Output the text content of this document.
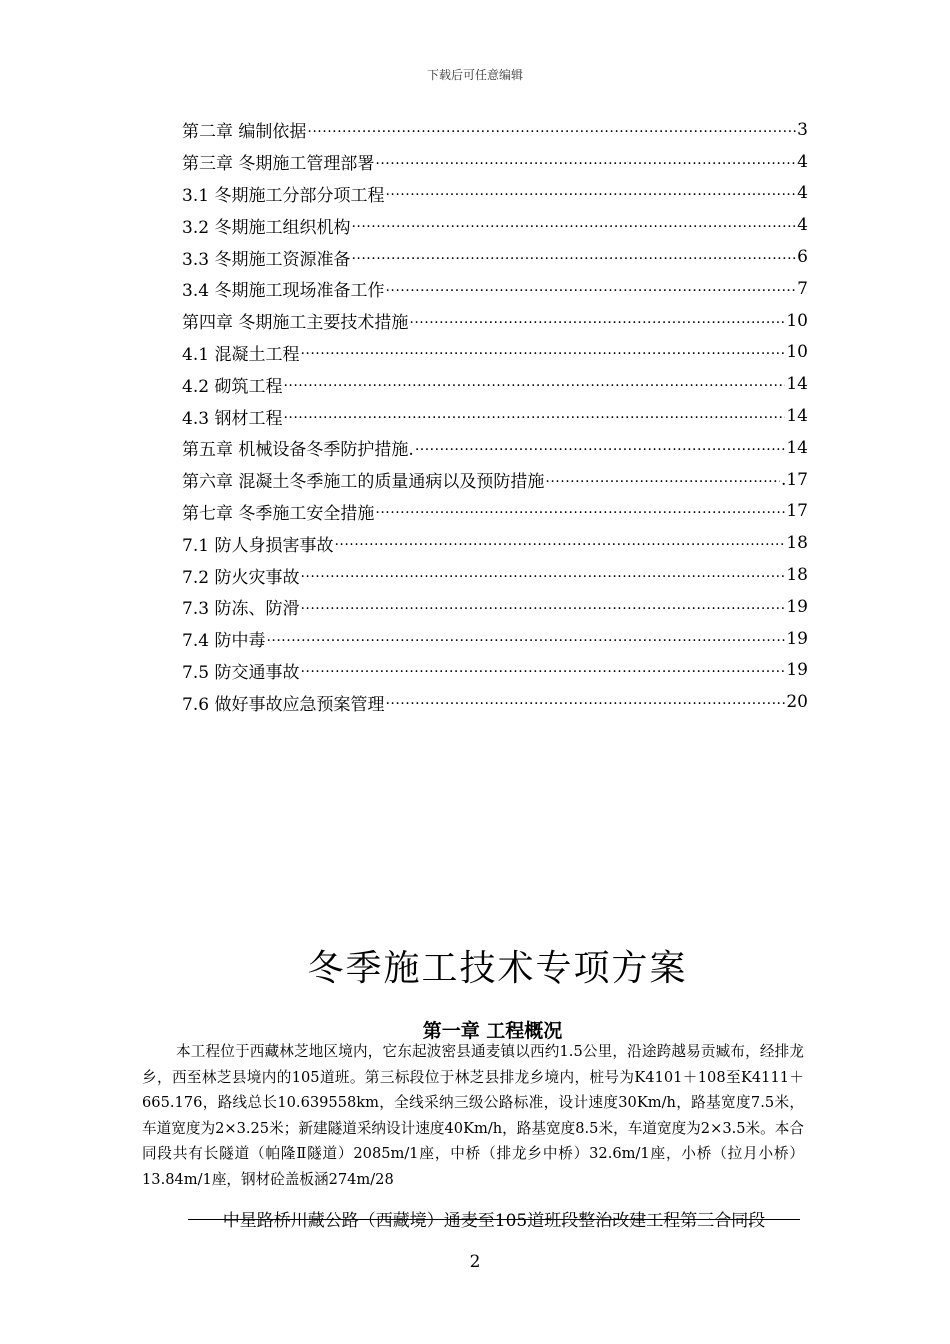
下载后可任意编辑
第二章 编制依据 .....	3
第三章 冬期施工管理部署 .....	4
3.1 冬期施工分部分项工程 .....	4
3.2 冬期施工组织机构 .....	4
3.3 冬期施工资源准备 .....	6
3.4 冬期施工现场准备工作 .....	7
第四章 冬期施工主要技术措施 .....	10
4.1 混凝土工程 .....	10
4.2 砌筑工程 .....	14
4.3 钢材工程 .....	14
第五章 机械设备冬季防护措施. .....	14
第六章 混凝土冬季施工的质量通病以及预防措施 .....	.17
第七章 冬季施工安全措施 .....	17
7.1 防人身损害事故 .....	18
7.2 防火灾事故 .....	18
7.3 防冻、防滑 .....	19
7.4 防中毒 .....	19
7.5 防交通事故 .....	19
7.6 做好事故应急预案管理 .....	20
冬季施工技术专项方案
第一章 工程概况
本工程位于西藏林芝地区境内，它东起波密县通麦镇以西约1.5公里，沿途跨越易贡臧布，经排龙乡，西至林芝县境内的105道班。第三标段位于林芝县排龙乡境内，桩号为K4101＋108至K4111＋665.176，路线总长10.639558km，全线采纳三级公路标准，设计速度30Km/h，路基宽度7.5米，车道宽度为2×3.25米；新建隧道采纳设计速度40Km/h，路基宽度8.5米，车道宽度为2×3.5米。本合同段共有长隧道（帕隆Ⅱ隧道）2085m/1座，中桥（排龙乡中桥）32.6m/1座，小桥（拉月小桥）13.84m/1座，钢材砼盖板涵274m/28
中星路桥川藏公路（西藏境）通麦至105道班段整治改建工程第三合同段
2
